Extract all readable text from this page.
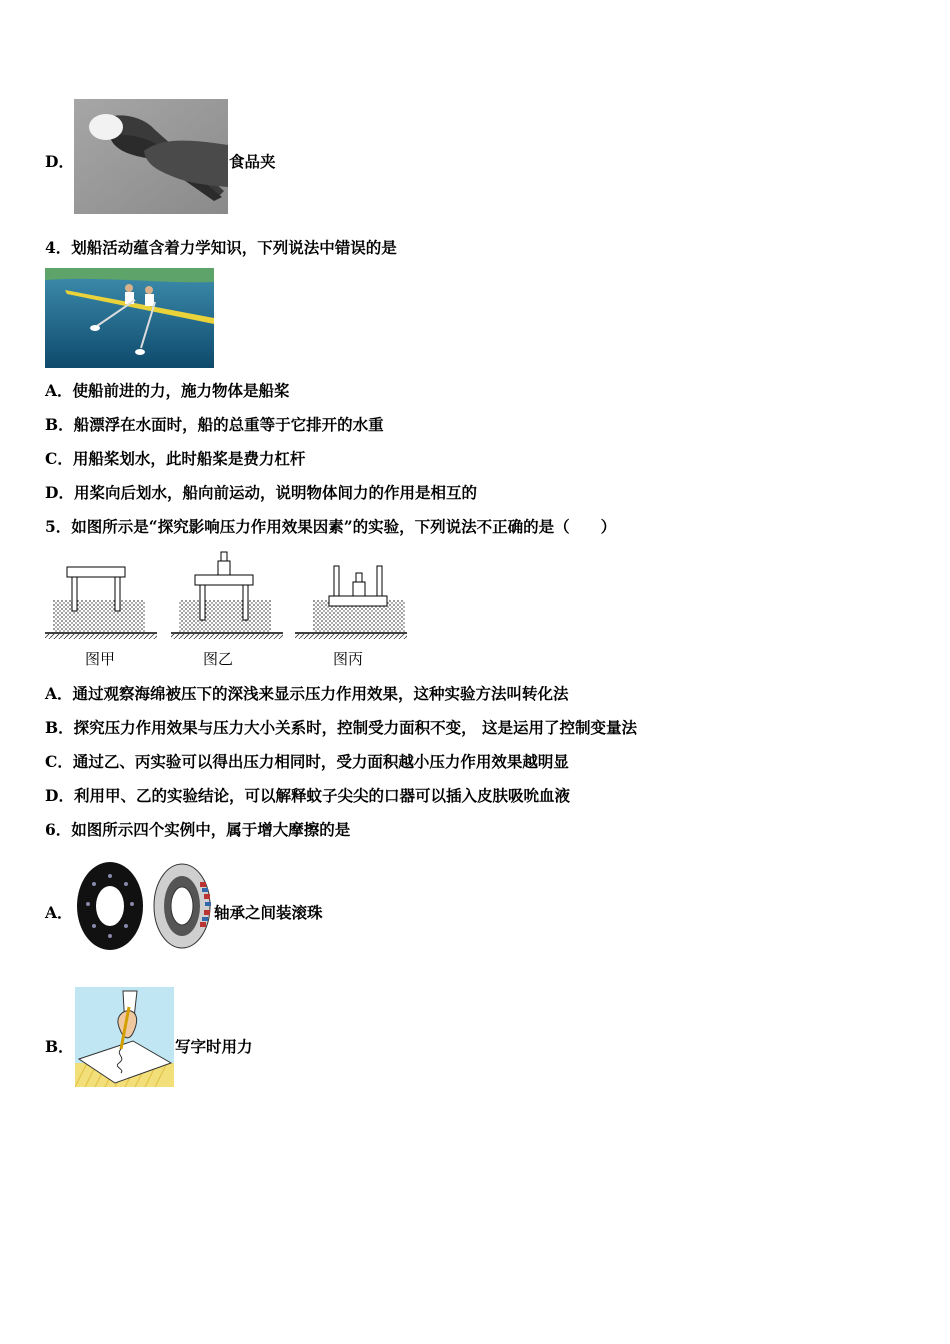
D．	食品夹
4．划船活动蕴含着力学知识，下列说法中错误的是
A．使船前进的力，施力物体是船桨
B．船漂浮在水面时，船的总重等于它排开的水重
C．用船桨划水，此时船桨是费力杠杆
D．用桨向后划水，船向前运动，说明物体间力的作用是相互的
5．如图所示是“探究影响压力作用效果因素”的实验，下列说法不正确的是（　　）
图甲	图乙	图丙
A．通过观察海绵被压下的深浅来显示压力作用效果，这种实验方法叫转化法
B．探究压力作用效果与压力大小关系时，控制受力面积不变， 这是运用了控制变量法
C．通过乙、丙实验可以得出压力相同时，受力面积越小压力作用效果越明显
D．利用甲、乙的实验结论，可以解释蚊子尖尖的口器可以插入皮肤吸吮血液
6．如图所示四个实例中，属于增大摩擦的是
A．	轴承之间装滚珠
B．	写字时用力
